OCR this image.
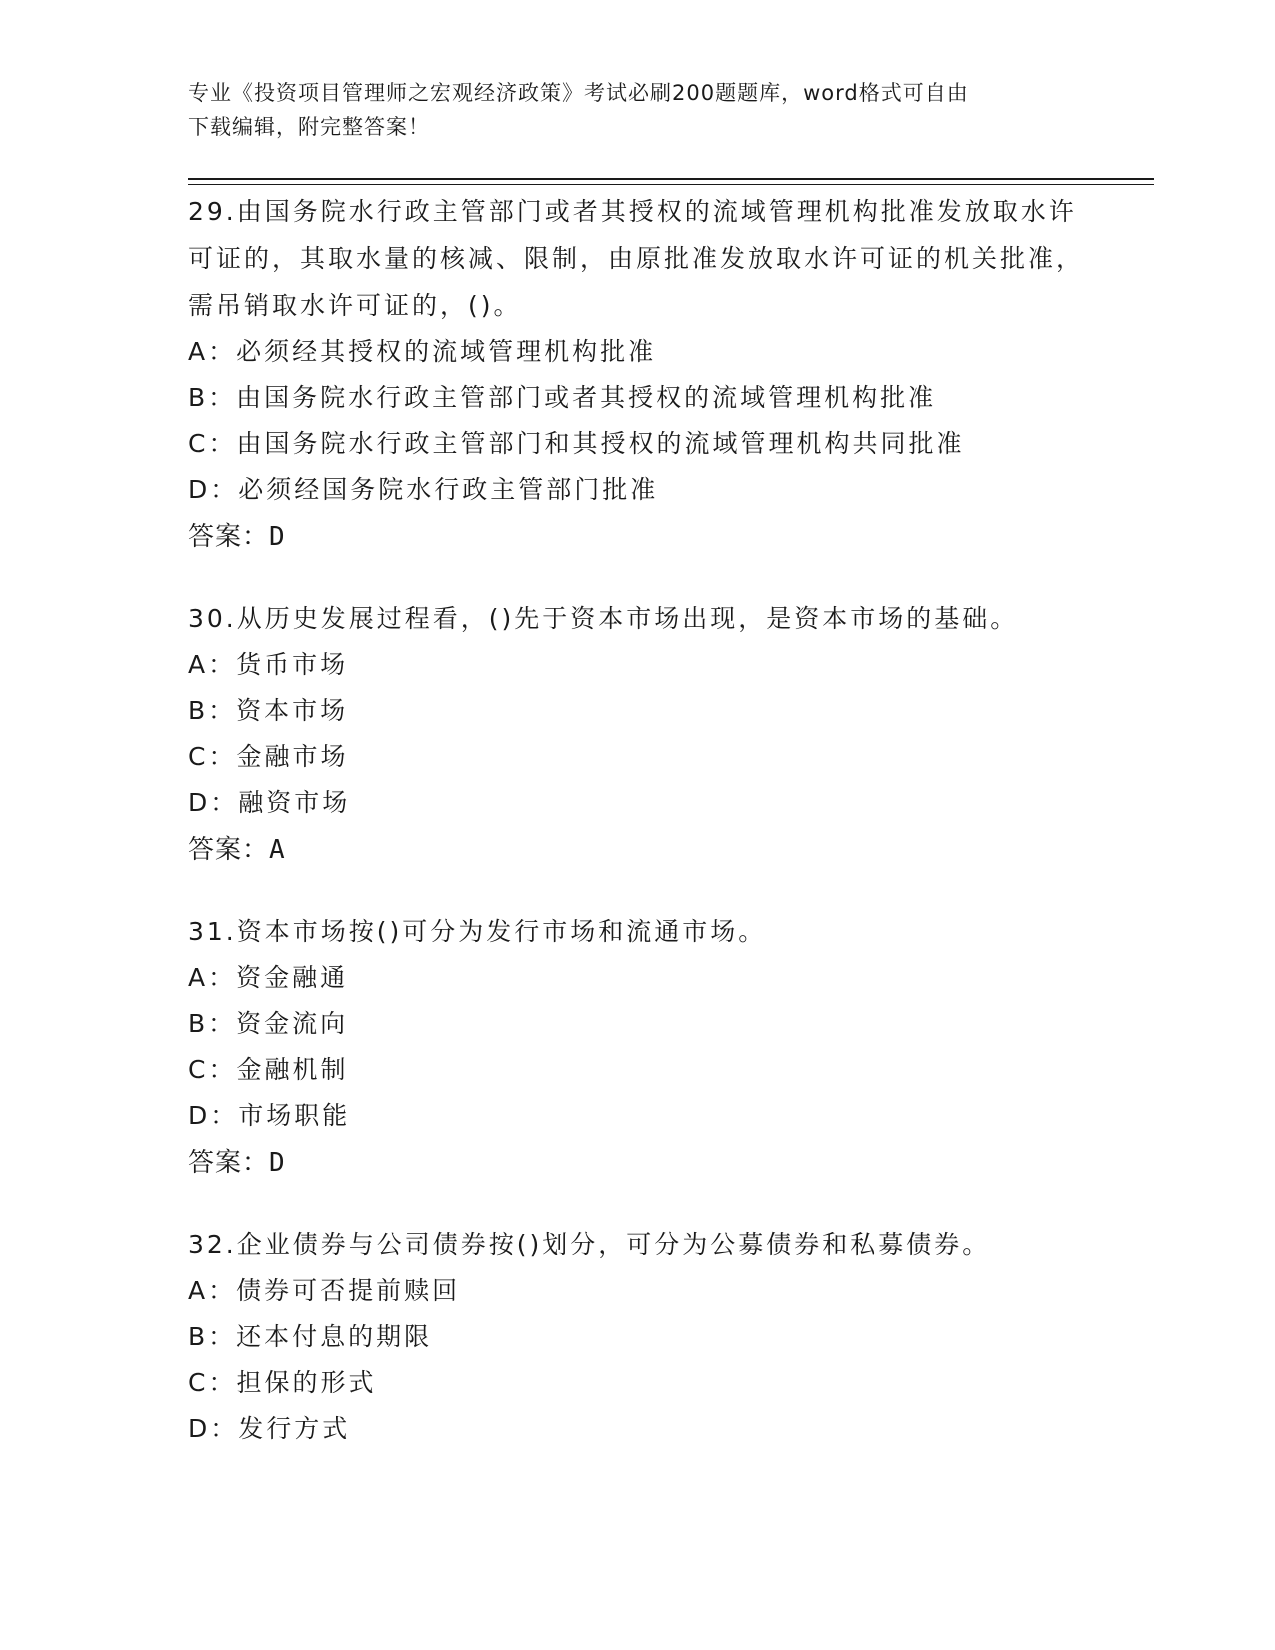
专业《投资项目管理师之宏观经济政策》考试必刷200题题库，word格式可自由
下载编辑，附完整答案！

29.由国务院水行政主管部门或者其授权的流域管理机构批准发放取水许可证的，其取水量的核减、限制，由原批准发放取水许可证的机关批准，需吊销取水许可证的，()。

A：必须经其授权的流域管理机构批准

B：由国务院水行政主管部门或者其授权的流域管理机构批准

C：由国务院水行政主管部门和其授权的流域管理机构共同批准

D：必须经国务院水行政主管部门批准

答案：D

30.从历史发展过程看，()先于资本市场出现，是资本市场的基础。

A：货币市场

B：资本市场

C：金融市场

D：融资市场

答案：A

31.资本市场按()可分为发行市场和流通市场。

A：资金融通

B：资金流向

C：金融机制

D：市场职能

答案：D

32.企业债券与公司债券按()划分，可分为公募债券和私募债券。

A：债券可否提前赎回

B：还本付息的期限

C：担保的形式

D：发行方式
